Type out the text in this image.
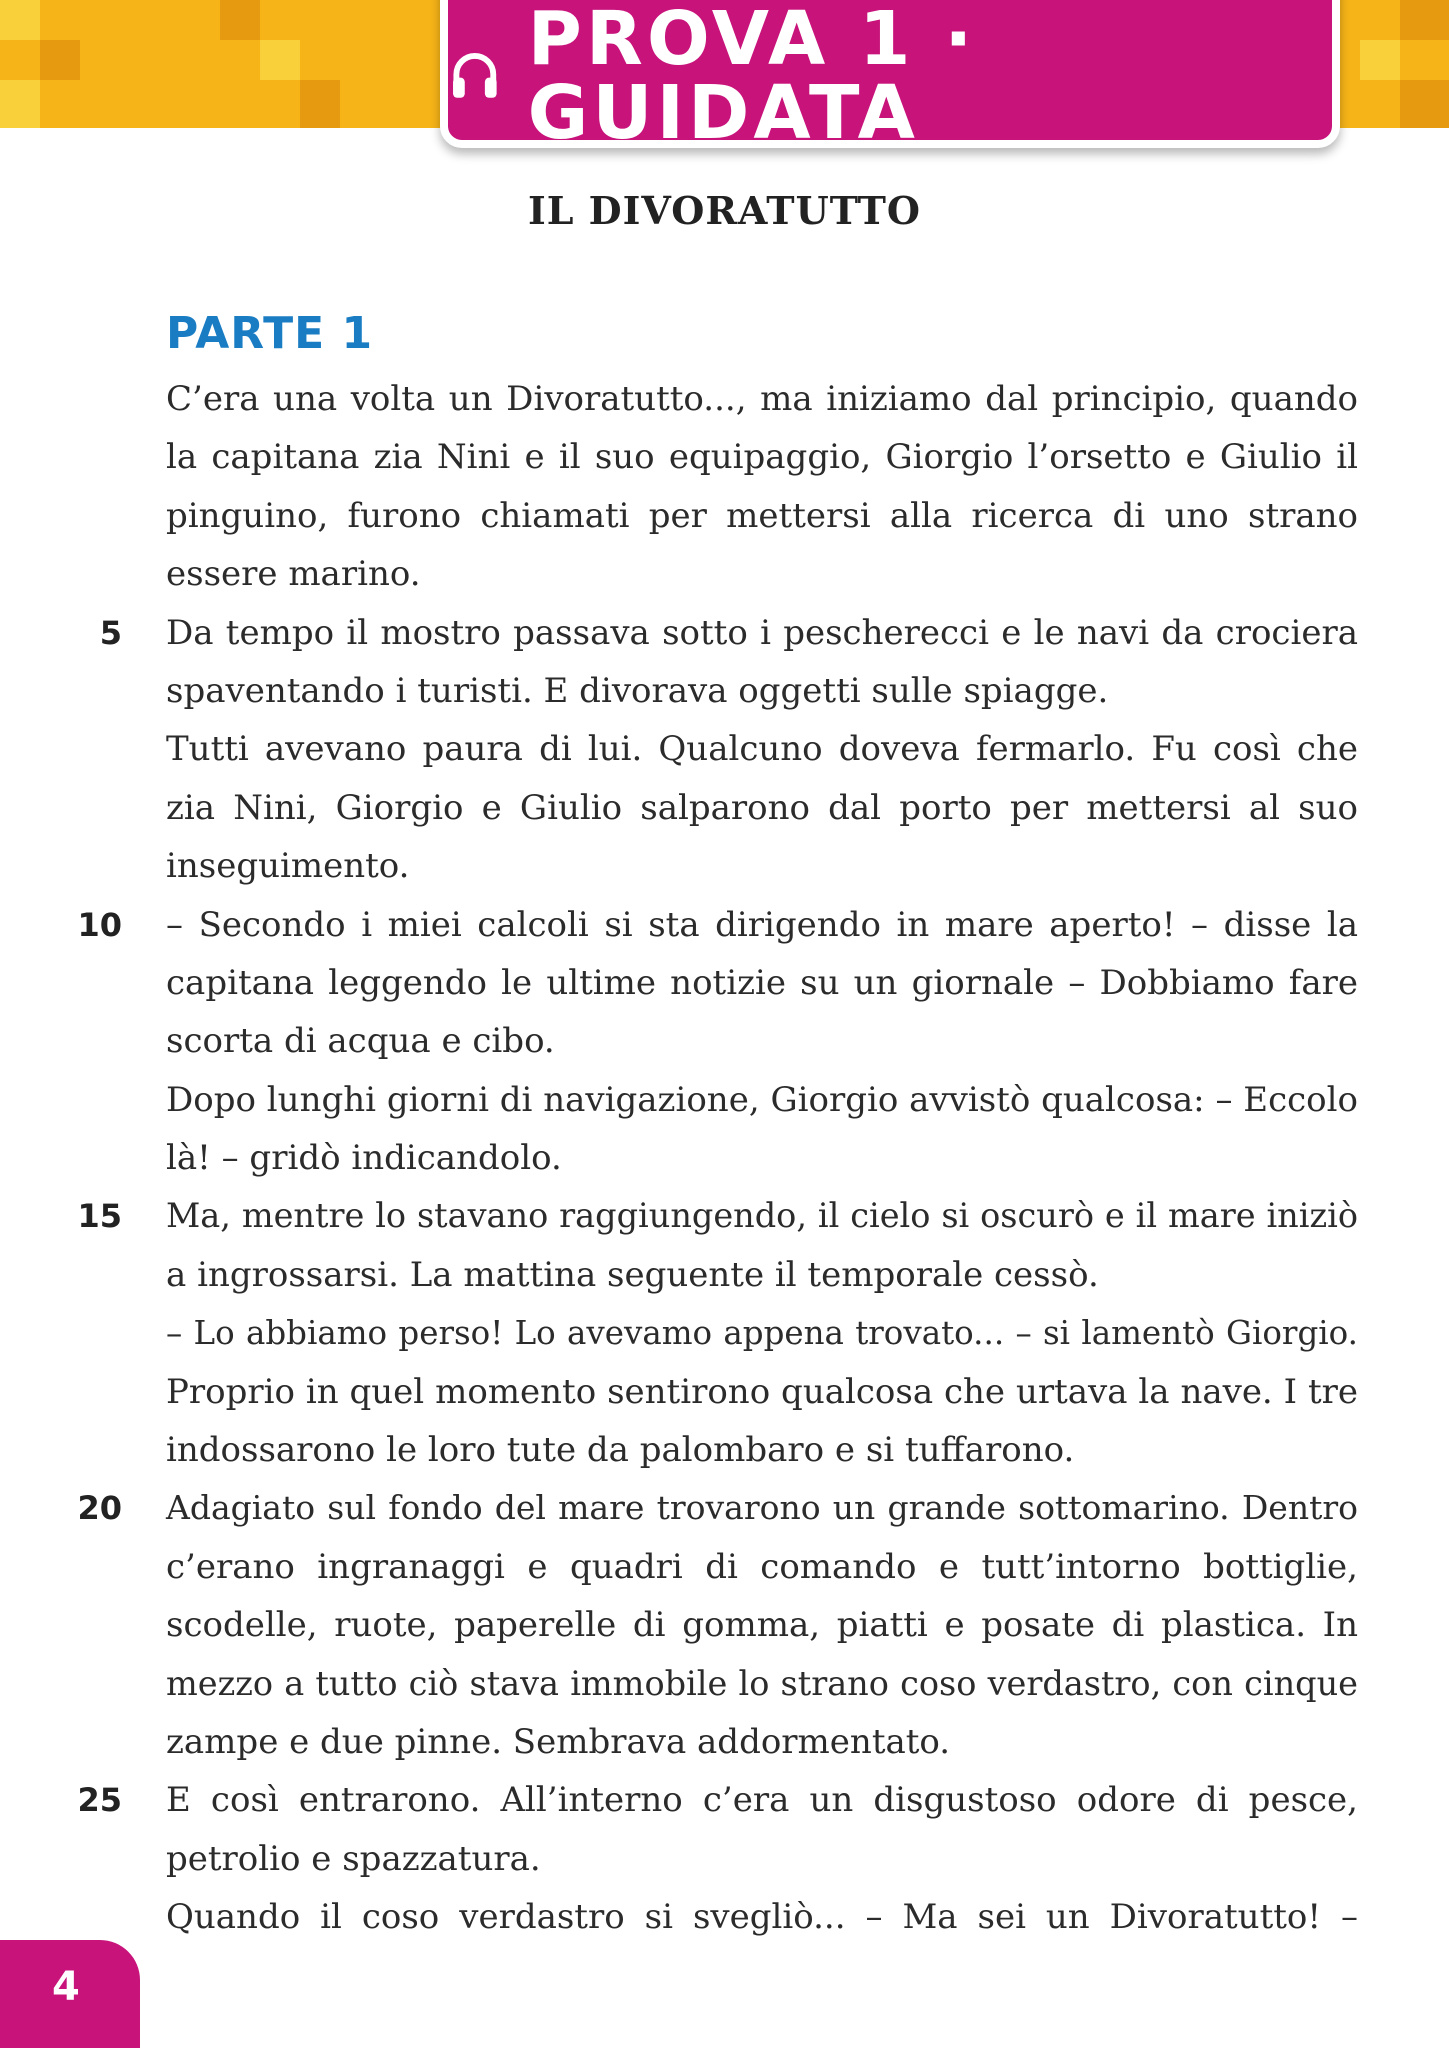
PROVA 1 · GUIDATA
IL DIVORATUTTO
PARTE 1
C’era una volta un Divoratutto..., ma iniziamo dal principio, quando
la capitana zia Nini e il suo equipaggio, Giorgio l’orsetto e Giulio il
pinguino, furono chiamati per mettersi alla ricerca di uno strano
essere marino.
5 Da tempo il mostro passava sotto i pescherecci e le navi da crociera
spaventando i turisti. E divorava oggetti sulle spiagge.
Tutti avevano paura di lui. Qualcuno doveva fermarlo. Fu così che
zia Nini, Giorgio e Giulio salparono dal porto per mettersi al suo
inseguimento.
10 – Secondo i miei calcoli si sta dirigendo in mare aperto! – disse la
capitana leggendo le ultime notizie su un giornale – Dobbiamo fare
scorta di acqua e cibo.
Dopo lunghi giorni di navigazione, Giorgio avvistò qualcosa: – Eccolo
là! – gridò indicandolo.
15 Ma, mentre lo stavano raggiungendo, il cielo si oscurò e il mare iniziò
a ingrossarsi. La mattina seguente il temporale cessò.
– Lo abbiamo perso! Lo avevamo appena trovato... – si lamentò Giorgio.
Proprio in quel momento sentirono qualcosa che urtava la nave. I tre
indossarono le loro tute da palombaro e si tuffarono.
20 Adagiato sul fondo del mare trovarono un grande sottomarino. Dentro
c’erano ingranaggi e quadri di comando e tutt’intorno bottiglie,
scodelle, ruote, paperelle di gomma, piatti e posate di plastica. In
mezzo a tutto ciò stava immobile lo strano coso verdastro, con cinque
zampe e due pinne. Sembrava addormentato.
25 E così entrarono. All’interno c’era un disgustoso odore di pesce,
petrolio e spazzatura.
Quando il coso verdastro si svegliò... – Ma sei un Divoratutto! –
4
